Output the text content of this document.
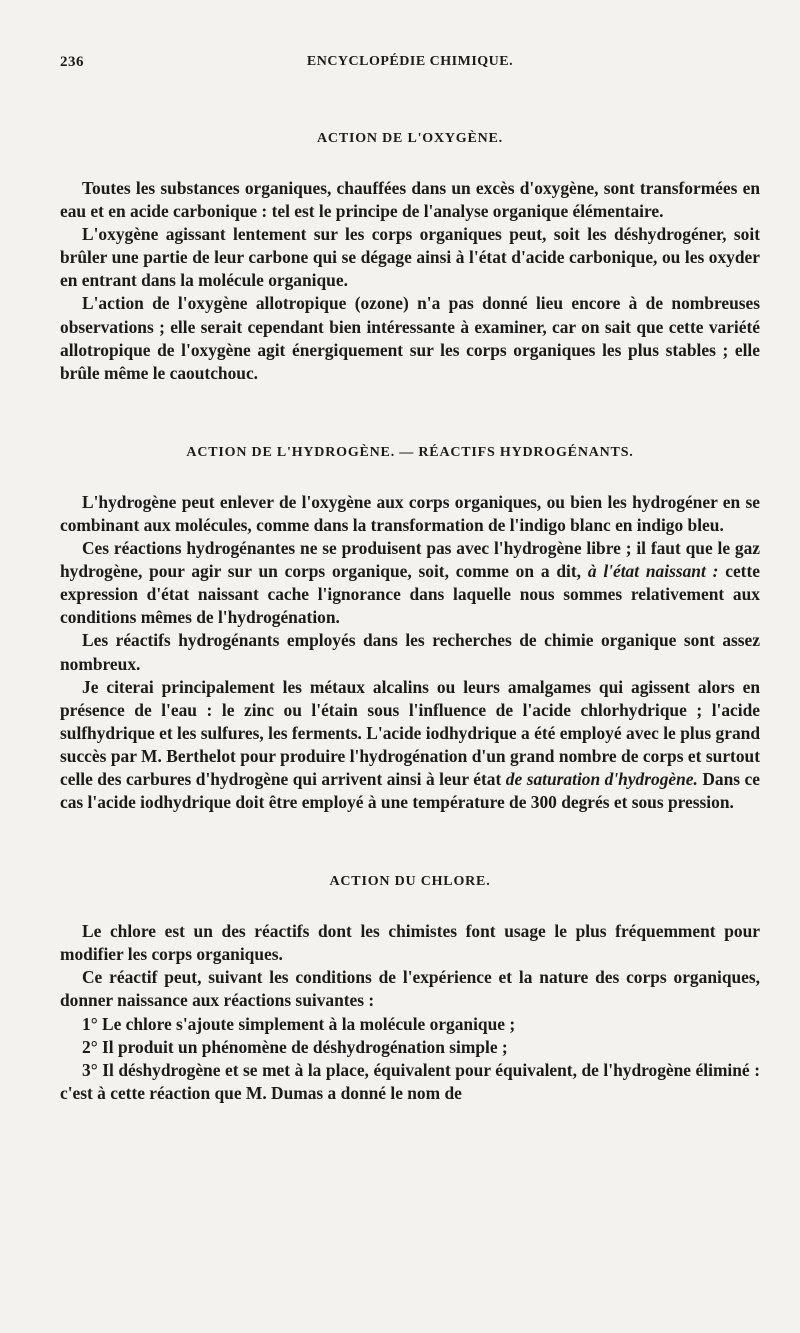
236	ENCYCLOPÉDIE CHIMIQUE.
ACTION DE L'OXYGÈNE.

Toutes les substances organiques, chauffées dans un excès d'oxygène, sont transformées en eau et en acide carbonique : tel est le principe de l'analyse organique élémentaire.

L'oxygène agissant lentement sur les corps organiques peut, soit les déshydrogéner, soit brûler une partie de leur carbone qui se dégage ainsi à l'état d'acide carbonique, ou les oxyder en entrant dans la molécule organique.

L'action de l'oxygène allotropique (ozone) n'a pas donné lieu encore à de nombreuses observations ; elle serait cependant bien intéressante à examiner, car on sait que cette variété allotropique de l'oxygène agit énergiquement sur les corps organiques les plus stables ; elle brûle même le caoutchouc.

ACTION DE L'HYDROGÈNE. — RÉACTIFS HYDROGÉNANTS.

L'hydrogène peut enlever de l'oxygène aux corps organiques, ou bien les hydrogéner en se combinant aux molécules, comme dans la transformation de l'indigo blanc en indigo bleu.

Ces réactions hydrogénantes ne se produisent pas avec l'hydrogène libre ; il faut que le gaz hydrogène, pour agir sur un corps organique, soit, comme on a dit, à l'état naissant : cette expression d'état naissant cache l'ignorance dans laquelle nous sommes relativement aux conditions mêmes de l'hydrogénation.

Les réactifs hydrogénants employés dans les recherches de chimie organique sont assez nombreux.

Je citerai principalement les métaux alcalins ou leurs amalgames qui agissent alors en présence de l'eau : le zinc ou l'étain sous l'influence de l'acide chlorhydrique ; l'acide sulfhydrique et les sulfures, les ferments. L'acide iodhydrique a été employé avec le plus grand succès par M. Berthelot pour produire l'hydrogénation d'un grand nombre de corps et surtout celle des carbures d'hydrogène qui arrivent ainsi à leur état de saturation d'hydrogène. Dans ce cas l'acide iodhydrique doit être employé à une température de 300 degrés et sous pression.

ACTION DU CHLORE.

Le chlore est un des réactifs dont les chimistes font usage le plus fréquemment pour modifier les corps organiques.

Ce réactif peut, suivant les conditions de l'expérience et la nature des corps organiques, donner naissance aux réactions suivantes :

1° Le chlore s'ajoute simplement à la molécule organique ;

2° Il produit un phénomène de déshydrogénation simple ;

3° Il déshydrogène et se met à la place, équivalent pour équivalent, de l'hydrogène éliminé : c'est à cette réaction que M. Dumas a donné le nom de
